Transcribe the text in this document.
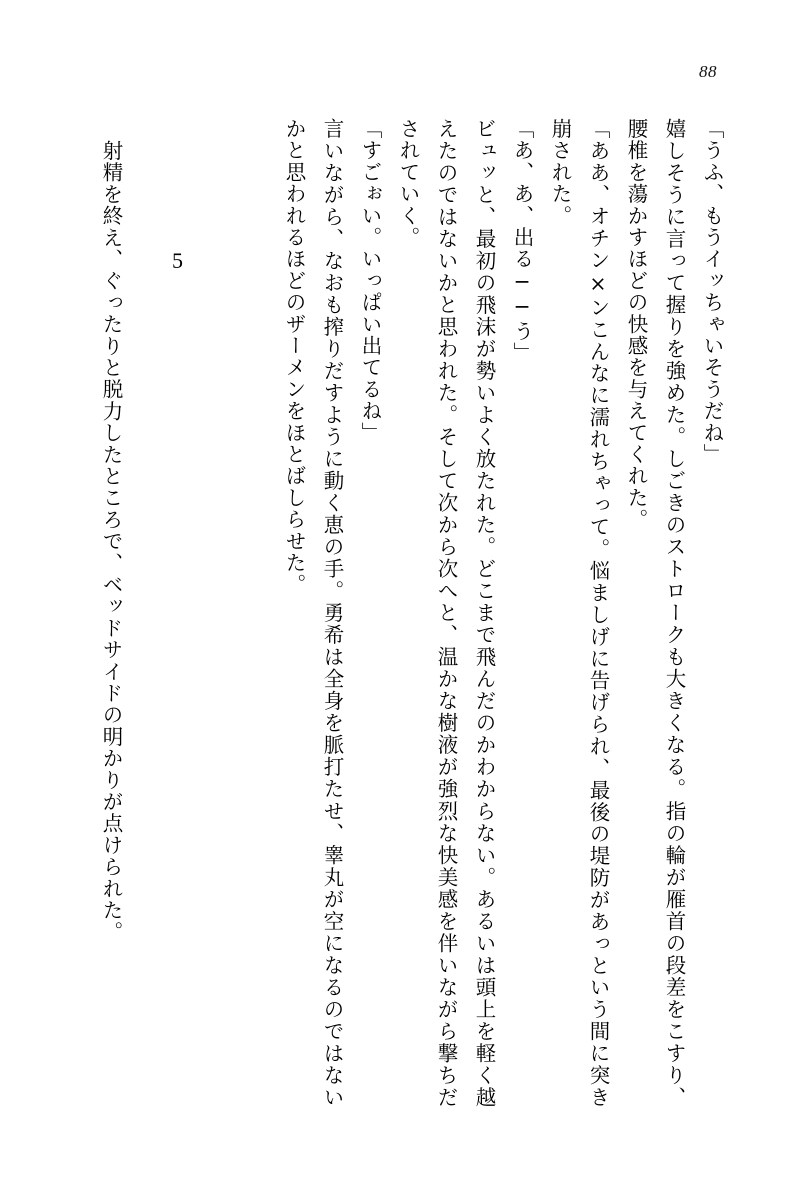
88

「うふ、もうイッちゃいそうだね」

嬉しそうに言って握りを強めた。しごきのストロークも大きくなる。指の輪が雁首の段差をこすり、腰椎を蕩かすほどの快感を与えてくれた。

「ああ、オチン×ンこんなに濡れちゃって。悩ましげに告げられ、最後の堤防があっという間に突き崩された。

「あ、あ、出る──う」

ビュッと、最初の飛沫が勢いよく放たれた。どこまで飛んだのかわからない。あるいは頭上を軽く越えたのではないかと思われた。そして次から次へと、温かな樹液が強烈な快美感を伴いながら撃ちだされていく。

「すごぉい。いっぱい出てるね」

言いながら、なおも搾りだすように動く恵の手。勇希は全身を脈打たせ、睾丸が空になるのではないかと思われるほどのザーメンをほとばしらせた。

5
射精を終え、ぐったりと脱力したところで、ベッドサイドの明かりが点けられた。
